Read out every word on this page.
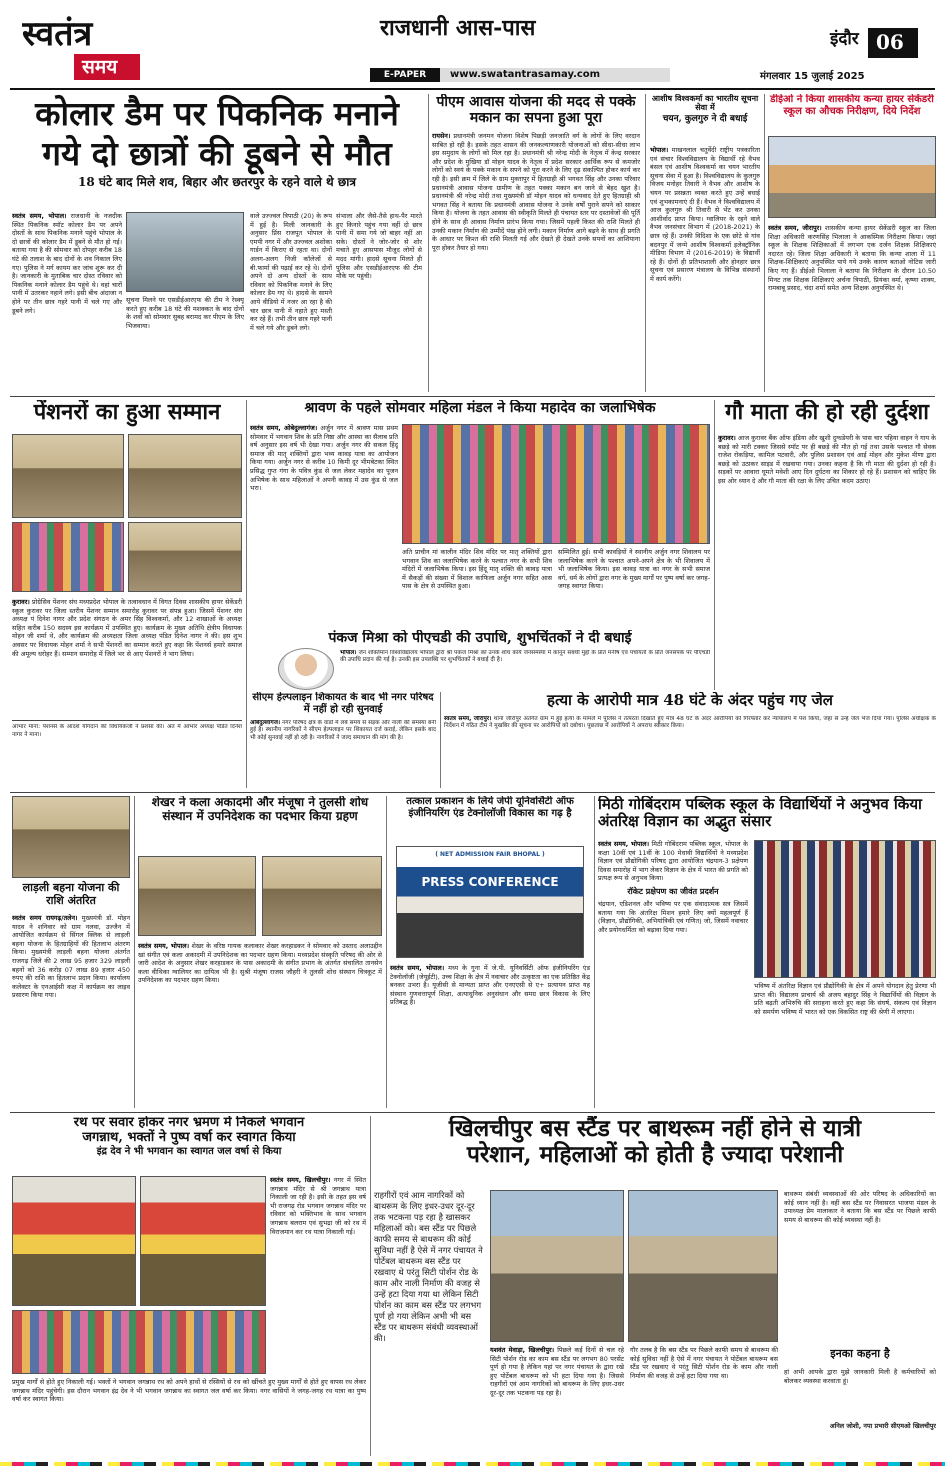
स्वतंत्र
समय
राजधानी आस-पास
E-PAPER	www.swatantrasamay.com
इंदौर 06
मंगलवार 15 जुलाई 2025
कोलार डैम पर पिकनिक मनाने
गये दो छात्रों की डूबने से मौत
18 घंटे बाद मिले शव, बिहार और छतरपुर के रहने वाले थे छात्र
स्वतंत्र समय, भोपाल। राजधानी के नजदीक स्थित पिकनिक स्पॉट कोलार डैम पर अपने दोस्तों के साथ पिकनिक मनाने पहुंचे भोपाल के दो छात्रों की कोलार डैम में डूबने से मौत हो गई। बताया गया है की सोमवार को दोपहर करीब 18 घंटे की तलाश के बाद दोनों के शव निकाल लिए गए। पुलिस ने मर्ग कायम कर जांच शुरू कर दी है। जानकारी के मुताबिक चार दोस्त रविवार को पिकनिक मनाने कोलार डैम पहुंचे थे। वहां चारों पानी में उतरकर नहाने लगे। इसी बीच अंदाजा न होने पर तीन छात्र गहरे पानी में चले गए और डूबने लगे।
सूचना मिलने पर एसडीईआरएफ की टीम ने रेस्क्यू करते हुए करीब 18 घंटे की मशक्कत के बाद दोनों के शवों को सोमवार सुबह बरामद कर पीएम के लिए भिजवाया।
वाले उज्ज्वल त्रिपाठी (20) के रूप में हुई है। मिली जानकारी के अनुसार प्रिंस राजपूत भोपाल के एमपी नगर में और उज्ज्वल अशोका गार्डन में किराए से रहता था। दोनों अलग-अलग निजी कॉलेजों से बी.फार्मा की पढ़ाई कर रहे थे। दोनों अपने दो अन्य दोस्तों के साथ रविवार को पिकनिक मनाने के लिए कोलार डैम गए थे। हादसे के सामने आये वीडियो में नजर आ रहा है की चार छात्र पानी में नहाते हुए मस्ती कर रहे हैं। तभी तीन छात्र गहरे पानी में चले गये और डूबने लगे।
संभाला और जैसे-तैसे हाथ-पैर मारते हुए किनारे पहुंच गया वहीं दो छात्र पानी में समा गये जो बाहर नहीं आ सके। दोस्तों ने जोर-जोर से शोर मचाते हुए आसपास मौजूद लोगों से मदद मांगी। हादसे सूचना मिलते ही पुलिस और एसडीईआरएफ की टीम मौके पर पहुंची।
पीएम आवास योजना की मदद से पक्के मकान का सपना हुआ पूरा
रायसेन। प्रधानमंत्री जनमन योजना विशेष पिछड़ी जनजाति वर्ग के लोगों के लिए वरदान साबित हो रही है। इसके तहत शासन की जनकल्याणकारी योजनाओं को सीधा-सीधा लाभ इस समुदाय के लोगों को मिल रहा है। प्रधानमंत्री श्री नरेन्द्र मोदी के नेतृत्व में केन्द्र सरकार और प्रदेश के मुखिया डॉ मोहन यादव के नेतृत्व में प्रदेश सरकार आर्थिक रूप से कमजोर लोगों को स्वयं के पक्के मकान के सपने को पूरा करने के लिए दृढ़ संकल्पित होकर कार्य कर रही है। इसी क्रम में जिले के ग्राम मुक्तापुर में हितग्राही श्री भगवत सिंह और उनका परिवार प्रधानमंत्री आवास योजना ग्रामीण के तहत पक्का मकान बन जाने से बेहद खुश है। प्रधानमंत्री श्री नरेन्द्र मोदी तथा मुख्यमंत्री डॉ मोहन यादव को धन्यवाद देते हुए हितग्राही श्री भगवत सिंह ने बताया कि प्रधानमंत्री आवास योजना ने उनके वर्षों पुराने सपने को साकार किया है। योजना के तहत आवास की स्वीकृति मिलते ही पंचायत स्तर पर दस्तावेजों की पूर्ति होने के साथ ही आवास निर्माण प्रारंभ किया गया। जिसमें पहली किस्त की राशि मिलते ही उनकी मकान निर्माण की उम्मीदें पंख होने लगी। मकान निर्माण आगे बढ़ने के साथ ही प्रगति के आधार पर किश्त की राशि मिलती गई और देखते ही देखते उनके सपनों का आशियाना पूरा होकर तैयार हो गया।
आशीष विश्वकर्मा का भारतीय सूचना सेवा में
चयन, कुलगुरु ने दी बधाई
भोपाल। माखनलाल चतुर्वेदी राष्ट्रीय पत्रकारिता एवं संचार विश्वविद्यालय के विद्यार्थी रहे वैभव बंसल एवं आशीष विश्वकर्मा का चयन भारतीय सूचना सेवा में हुआ है। विश्वविद्यालय के कुलगुरु विजय मनोहर तिवारी ने वैभव और आशीष के चयन पर प्रसन्नता व्यक्त करते हुए उन्हें बधाई एवं शुभकामनाएं दी हैं। वैभव ने विश्वविद्यालय में आज कुलगुरु श्री तिवारी से भेंट कर उनका आशीर्वाद प्राप्त किया। ग्वालियर के रहने वाले वैभव जनसंचार विभाग में (2018-2021) के छात्र रहे हैं। उनकी विदिशा के एक छोटे से गांव बदनपुर में जन्मे आशीष विश्वकर्मा इलेक्ट्रॉनिक मीडिया विभाग में (2016-2019) के विद्यार्थी रहे हैं। दोनों ही प्रतिभाशाली और होनहार छात्र सूचना एवं प्रसारण मंत्रालय के विभिन्न संस्थानों में कार्य करेंगे।
डीईओ ने किया शासकीय कन्या हायर सेकेंडरी स्कूल का औचक निरीक्षण, दिये निर्देश
स्वतंत्र समय, जीरापुर। शासकीय कन्या हायर सेकेंडरी स्कूल का जिला शिक्षा अधिकारी करणसिंह भिलाला ने आकस्मिक निरीक्षण किया। जहां स्कूल के शिक्षक शिक्षिकाओं में लगभग एक दर्जन शिक्षक शिक्षिकाएं नदारत रहे। जिला शिक्षा अधिकारी ने बताया कि कन्या शाला में 11 शिक्षक-शिक्षिकाएं अनुपस्थित पाये गये उनके कारण बताओ नोटिस जारी किए गए हैं। डीईओ भिलाला ने बताया कि निरीक्षण के दौरान 10.50 मिनट तक शिक्षक शिक्षिकाएं अर्चना त्रिपाठी, प्रियंका वर्मा, कृष्णा शाक्य, रामबाबू प्रसाद, चंदा शर्मा समेत अन्य शिक्षक अनुपस्थित थे।
पेंशनरों का हुआ सम्मान
कुरावर। प्रोग्रेसिव पेंशनर संघ मध्यप्रदेश भोपाल के तत्वावधान में विगत दिवस शासकीय हायर सेकेंडरी स्कूल कुरावर पर जिला स्तरीय पेंशनर सम्मान समारोह कुरावर पर संपन्न हुआ। जिसमें पेंशनर संघ अध्यक्ष पं दिनेश नागर और प्रदेश संगठन के अमर सिंह विश्वकर्मा, और 12 शाखाओं के अध्यक्ष सहित करीब 150 सदस्य इस कार्यक्रम में उपस्थित हुए। कार्यक्रम के मुख्य अतिथि क्षेत्रीय विधायक मोहन जी शर्मा थे, और कार्यक्रम की अध्यक्षता जिला अध्यक्ष पंडित दिनेश नागर ने की। इस शुभ अवसर पर विधायक मोहन शर्मा ने सभी पेंशनरों का सम्मान करते हुए कहा कि पेंशनर्स हमारे समाज की अमूल्य धरोहर हैं। सम्मान समारोह में जिले भर से आए पेंशनरों ने भाग लिया।
आभार माना: पेंशनर्स के आदर्श योगदान की विधायकजी ने प्रशंसा की। अंत में आभार अध्यक्ष पंडित दिनेश नागर ने माना।
श्रावण के पहले सोमवार महिला मंडल ने किया महादेव का जलाभिषेक
स्वतंत्र समय, ओबेदुल्लागंज। अर्जुन नगर में श्रावण मास प्रथम सोमवार में भगवान शिव के प्रति निष्ठा और आस्था का सैलाब प्रति वर्ष अनुसार इस वर्ष भी देखा गया। अर्जुन नगर की सकल हिंदू समाज की मातृ शक्तियों द्वारा भव्य कावड़ यात्रा का आयोजन किया गया। अर्जुन नगर से करीब 10 किमी दूर भीमबेटका स्थित प्रसिद्ध गुप्त गंगा के पवित्र कुंड से जल लेकर महादेव का पूजन अभिषेक के साथ महिलाओं ने अपनी कावड़ में उस कुंड से जल भरा।
अति प्राचीन मां कालीन मंदिर शिव मंदिर पर मातृ शक्तियों द्वारा भगवान शिव का जलाभिषेक करने के पश्चात नगर के सभी शिव मंदिरों में जलाभिषेक किया। इस हिंदू मातृ शक्ति की कावड़ यात्रा में सैकड़ों की संख्या में विशाल काफिला अर्जुन नगर सहित आस पास के क्षेत्र से उपस्थित हुआ।
सम्मिलित हुई। सभी कावड़ियों ने स्थानीय अर्जुन नगर शिवालय पर जलाभिषेक करने के पश्चात अपने-अपने क्षेत्र के भी शिवालय में भी जलाभिषेक किया। इस कावड़ यात्रा का नगर के सभी समाज वर्ग, धर्म के लोगों द्वारा नगर के मुख्य मार्गों पर पुष्प वर्षा कर जगह-जगह स्वागत किया।
गौ माता की हो रही दुर्दशा
कुरावर। आज कुरावर बैंक ऑफ इंडिया और खुशी दुग्धडेयरी के पास चार पहिया वाहन ने गाय के बछड़े को मारी टक्कर जिससे स्पॉट पर ही बछड़े की मौत हो गई तथा उसके पश्चात गौ सेवक राजेश रोकड़िया, कामिल पटवारी, और पुलिस प्रशासन एवं आई मोहन और मुकेश मीणा द्वारा बछड़े को उठाकर साइड में रखवाया गया। उनका कहना है कि गौ माता की दुर्दशा हो रही है। सड़कों पर आवारा घूमते मवेशी आए दिन दुर्घटना का शिकार हो रहे हैं। प्रशासन को चाहिए कि इस ओर ध्यान दे और गौ माता की रक्षा के लिए उचित कदम उठाए।
पंकज मिश्रा को पीएचडी की उपाधि, शुभचिंतकों ने दी बधाई
भोपाल। जैन शक्तिमान विश्वविद्यालय भोपाल द्वारा श्री पंकज मिश्रा को उनके शोध कार्य जनसमस्या में कानून संबंधी मुद्दों के प्रति मनीष एवं पंचायतों के प्रति जनसंपर्क पर पीएचडी की उपाधि प्रदान की गई है। उनकी इस उपलब्धि पर शुभचिंतकों ने बधाई दी है।
सीएम हेल्पलाइन शिकायत के बाद भी नगर परिषद में नहीं हो रही सुनवाई
ओबेदुल्लागंज। नगर परिषद क्षेत्र के वार्डों में लंबे समय से सड़क और नाली की समस्या बनी हुई है। स्थानीय नागरिकों ने सीएम हेल्पलाइन पर शिकायत दर्ज कराई, लेकिन इसके बाद भी कोई सुनवाई नहीं हो रही है। नागरिकों ने जल्द समाधान की मांग की है।
हत्या के आरोपी मात्र 48 घंटे के अंदर पहुंच गए जेल
स्वतंत्र समय, जीरापुर। थाना जीरापुर अंतर्गत ग्राम में हुई हत्या के मामले में पुलिस ने तत्परता दिखाते हुए मात्र 48 घंटे के अंदर आरोपियों को गिरफ्तार कर न्यायालय में पेश किया, जहां से उन्हें जेल भेज दिया गया। पुलिस अधीक्षक के निर्देशन में गठित टीम ने मुखबिर की सूचना पर आरोपियों को दबोचा। पूछताछ में आरोपियों ने अपराध स्वीकार किया।
लाड़ली बहना योजना की राशि अंतरित
स्वतंत्र समय रायगढ़/तलेन। मुख्यमंत्री डॉ. मोहन यादव ने शनिवार को ग्राम नलवा, उज्जैन में आयोजित कार्यक्रम से सिंगल क्लिक से लाड़ली बहना योजना के हितग्राहियों की हितलाभ अंतरण किया। मुख्यमंत्री लाड़ली बहना योजना अंतर्गत राजगढ़ जिले की 2 लाख 95 हजार 329 लाड़ली बहनों को 36 करोड़ 07 लाख 89 हजार 450 रुपए की राशि का हितलाभ प्रदान किया। कार्यालय कलेक्टर के एनआईसी कक्ष में कार्यक्रम का लाइव प्रसारण किया गया।
शेखर ने कला अकादमी और मंजूषा ने तुलसी शोध संस्थान में उपनिदेशक का पदभार किया ग्रहण
स्वतंत्र समय, भोपाल। शेखर के वरिष्ठ गायक कलाकार शेखर करहाडकर ने सोमवार को उस्ताद अलाउद्दीन खां संगीत एवं कला अकादमी में उपनिदेशक का पदभार ग्रहण किया। मध्यप्रदेश संस्कृति परिषद की ओर से जारी आदेश के अनुसार शेखर करहाडकर के पास अकादमी के संगीत प्रभाग के अंतर्गत संचालित तानसेन कला वीथिका ग्वालियर का दायित्व भी है। सुश्री मंजूषा राजस जौहरी ने तुलसी शोध संस्थान चित्रकूट में उपनिदेशक का पदभार ग्रहण किया।
तत्काल प्रकाशन के लिये जेपी यूनिवर्सिटी ऑफ इंजीनियरिंग एंड टेक्नोलॉजी विकास का गढ़ है
( NET ADMISSION FAIR BHOPAL )
PRESS CONFERENCE
स्वतंत्र समय, भोपाल। मध्य के गुना में जे.पी. यूनिवर्सिटी ऑफ इंजीनियरिंग एंड टेक्नोलॉजी (जेयूईटी), उच्च शिक्षा के क्षेत्र में नवाचार और उत्कृष्टता का एक प्रतिष्ठित केंद्र बनकर उभरा है। यूजीसी से मान्यता प्राप्त और एनएएसी से ए+ प्रत्यायन प्राप्त यह संस्थान गुणवत्तापूर्ण शिक्षा, अत्याधुनिक अनुसंधान और समग्र छात्र विकास के लिए प्रतिबद्ध है।
मिठी गोबिंदराम पब्लिक स्कूल के विद्यार्थियों ने अनुभव किया अंतरिक्ष विज्ञान का अद्भुत संसार
स्वतंत्र समय, भोपाल। मिठी गोबिंदराम पब्लिक स्कूल, भोपाल के कक्षा 10वीं एवं 11वीं के 100 मेधावी विद्यार्थियों ने मध्यप्रदेश विज्ञान एवं प्रौद्योगिकी परिषद द्वारा आयोजित चंद्रयान-3 प्रक्षेपण दिवस समारोह में भाग लेकर विज्ञान के क्षेत्र में भारत की प्रगति को प्रत्यक्ष रूप से अनुभव किया।
रॉकेट प्रक्षेपण का जीवंत प्रदर्शन
चंद्रयान, एडिशनल और भविष्य पर एक संवादात्मक सत्र जिसमें बताया गया कि अंतरिक्ष मिशन हमारे लिए क्यों महत्वपूर्ण हैं (विज्ञान, प्रौद्योगिकी, अभियांत्रिकी एवं गणित) जो, जिसमें नवाचार और प्रयोगधर्मिता को बढ़ावा दिया गया।
भविष्य में अंतरिक्ष विज्ञान एवं प्रौद्योगिकी के क्षेत्र में अपने योगदान हेतु प्रेरणा भी प्राप्त की। विद्यालय प्राचार्य श्री अजय बहादुर सिंह ने विद्यार्थियों की विज्ञान के प्रति बढ़ती अभिरुचि की सराहना करते हुए कहा कि संघर्ष, संकल्प एवं विज्ञान को समर्पण भविष्य में भारत को एक विकसित राष्ट्र की श्रेणी में लाएगा।
रथ पर सवार होकर नगर भ्रमण में निकले भगवान
जगन्नाथ, भक्तों ने पुष्प वर्षा कर स्वागत किया
इंद्र देव ने भी भगवान का स्वागत जल वर्षा से किया
स्वतंत्र समय, खिलचीपुर। नगर में स्थित जगन्नाथ मंदिर से श्री जगन्नाथ यात्रा निकाली जा रही है। इसी के तहत इस वर्ष भी राजगढ़ रोड भगवान जगन्नाथ मंदिर पर रविवार को भक्तिभाव के साथ भगवान जगन्नाथ बलराम एवं सुभद्रा जी को रथ में विराजमान कर रथ यात्रा निकाली गई।
प्रमुख मार्गों से होते हुए निकाली गई। भक्तों ने भगवान जगन्नाथ रथ को अपने हाथों से रस्सियों से रथ को खींचते हुए मुख्य मार्गों से होते हुए वापस रथ लेकर जगन्नाथ मंदिर पहुंचेगी। इस दौरान भगवान इंद्र देव ने भी भगवान जगन्नाथ का स्वागत जल वर्षा कर किया। नगर वासियों ने जगह-जगह रथ यात्रा का पुष्प वर्षा कर स्वागत किया।
खिलचीपुर बस स्टैंड पर बाथरूम नहीं होने से यात्री
परेशान, महिलाओं को होती है ज्यादा परेशानी
राहगीरों एवं आम नागरिकों को बाथरूम के लिए इधर-उधर दूर-दूर तक भटकना पड़ रहा है खासकर महिलाओं को। बस स्टैंड पर पिछले काफी समय से बाथरूम की कोई सुविधा नहीं है ऐसे में नगर पंचायत ने पोर्टेबल बाथरूम बस स्टैंड पर रखवाए थे परंतु सिटी पोर्शन रोड के काम और नाली निर्माण की वजह से उन्हें हटा दिया गया था लेकिन सिटी पोर्शन का काम बस स्टैंड पर लगभग पूर्ण हो गया लेकिन अभी भी बस स्टैंड पर बाथरूम संबंधी व्यवस्थाओं की।
यशवंत मेवाड़ा, खिलचीपुर। पिछले कई दिनों से चल रहे सिटी पोर्शन रोड का काम बस स्टैंड पर लगभग 80 परसेंट पूर्ण हो गया है लेकिन यहां पर नगर पंचायत के द्वारा रखे हुए पोर्टेबल बाथरूम को भी हटा दिया गया है। जिससे राहगीरों एवं आम नागरिकों को बाथरूम के लिए इधर-उधर दूर-दूर तक भटकना पड़ रहा है।
गौर तलब है कि बस स्टैंड पर पिछले काफी समय से बाथरूम की कोई सुविधा नहीं है ऐसे में नगर पंचायत ने पोर्टेबल बाथरूम बस स्टैंड पर रखवाए थे परंतु सिटी पोर्शन रोड के काम और नाली निर्माण की वजह से उन्हें हटा दिया गया था।
बाथरूम संबंधी व्यवस्थाओं की ओर परिषद के अधिकारियों का कोई ध्यान नहीं है। वहीं बस स्टैंड पर निवासरत भाजपा मंडल के उपाध्यक्ष प्रेम मालाकार ने बताया कि बस स्टैंड पर पिछले काफी समय से बाथरूम की कोई व्यवस्था नहीं है।
इनका कहना है
हां अभी आपके द्वारा मुझे जानकारी मिली है कर्मचारियों को बोलकर व्यवस्था करवाता हूं।
अनिल जोशी, नपा प्रभारी सीएमओ खिलचीपुर
